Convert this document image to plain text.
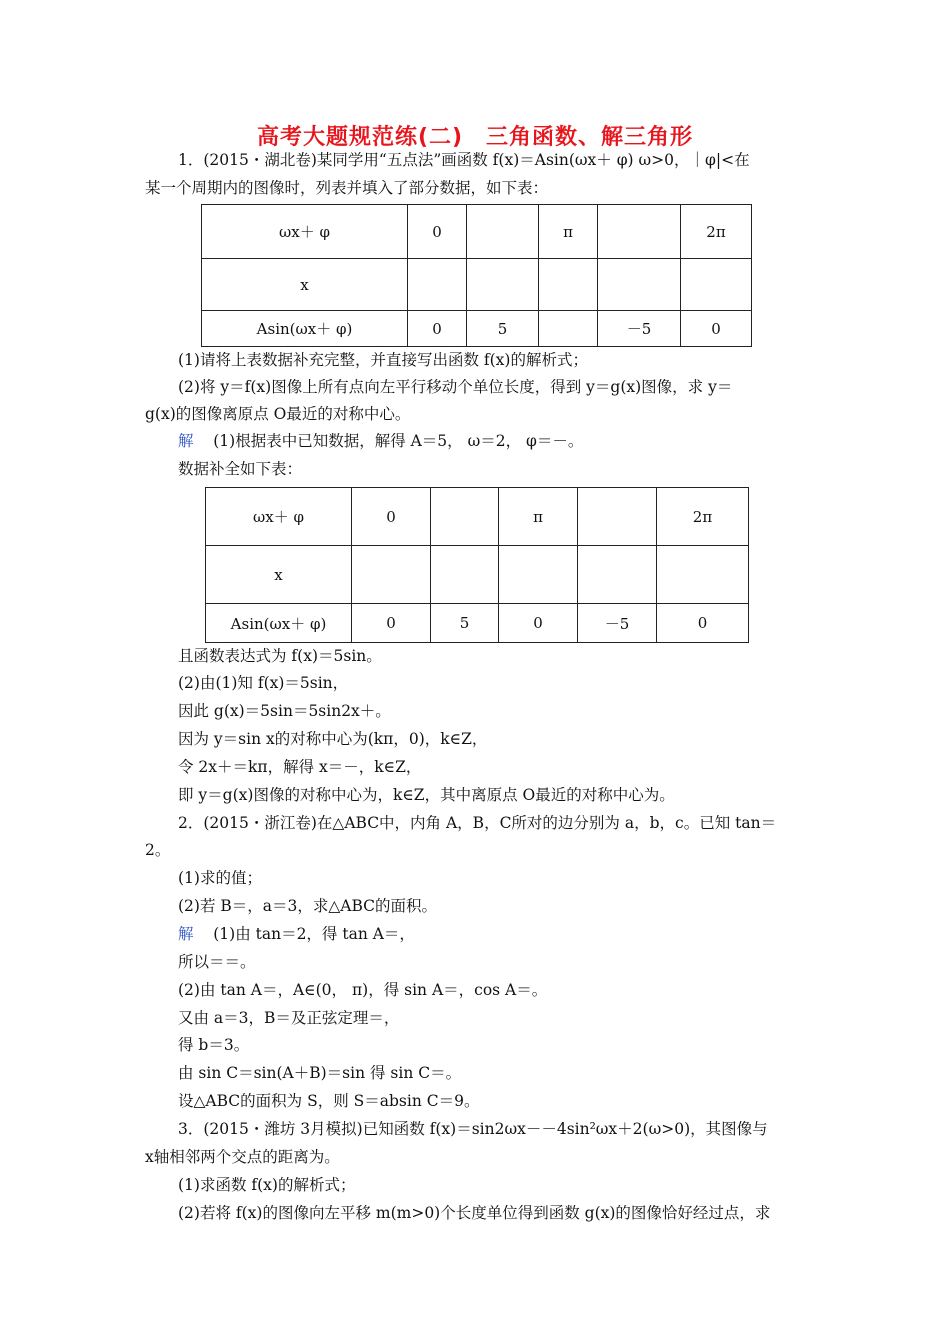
高考大题规范练(二)　三角函数、解三角形
1．(2015・湖北卷)某同学用“五点法”画函数 f(x)＝Asin(ωx＋ φ) ω>0，｜φ|<在
某一个周期内的图像时，列表并填入了部分数据，如下表：
ωx＋ φ	0		π		2π
x					
Asin(ωx＋ φ)	0	5		－5	0
(1)请将上表数据补充完整，并直接写出函数 f(x)的解析式；
(2)将 y＝f(x)图像上所有点向左平行移动个单位长度，得到 y＝g(x)图像，求 y＝
g(x)的图像离原点 O最近的对称中心。
解 (1)根据表中已知数据，解得 A＝5， ω＝2， φ＝－。
数据补全如下表：
ωx＋ φ	0		π		2π
x					
Asin(ωx＋ φ)	0	5	0	－5	0
且函数表达式为 f(x)＝5sin。
(2)由(1)知 f(x)＝5sin，
因此 g(x)＝5sin＝5sin2x＋。
因为 y＝sin x的对称中心为(kπ，0)，k∈Z，
令 2x＋＝kπ，解得 x＝－，k∈Z，
即 y＝g(x)图像的对称中心为，k∈Z，其中离原点 O最近的对称中心为。
2．(2015・浙江卷)在△ABC中，内角 A，B，C所对的边分别为 a，b，c。已知 tan＝
2。
(1)求的值；
(2)若 B＝，a＝3，求△ABC的面积。
解 (1)由 tan＝2，得 tan A＝，
所以＝＝。
(2)由 tan A＝，A∈(0， π)，得 sin A＝，cos A＝。
又由 a＝3，B＝及正弦定理＝，
得 b＝3。
由 sin C＝sin(A＋B)＝sin 得 sin C＝。
设△ABC的面积为 S，则 S＝absin C＝9。
3．(2015・潍坊 3月模拟)已知函数 f(x)＝sin2ωx－－4sin²ωx＋2(ω>0)，其图像与
x轴相邻两个交点的距离为。
(1)求函数 f(x)的解析式；
(2)若将 f(x)的图像向左平移 m(m>0)个长度单位得到函数 g(x)的图像恰好经过点，求
